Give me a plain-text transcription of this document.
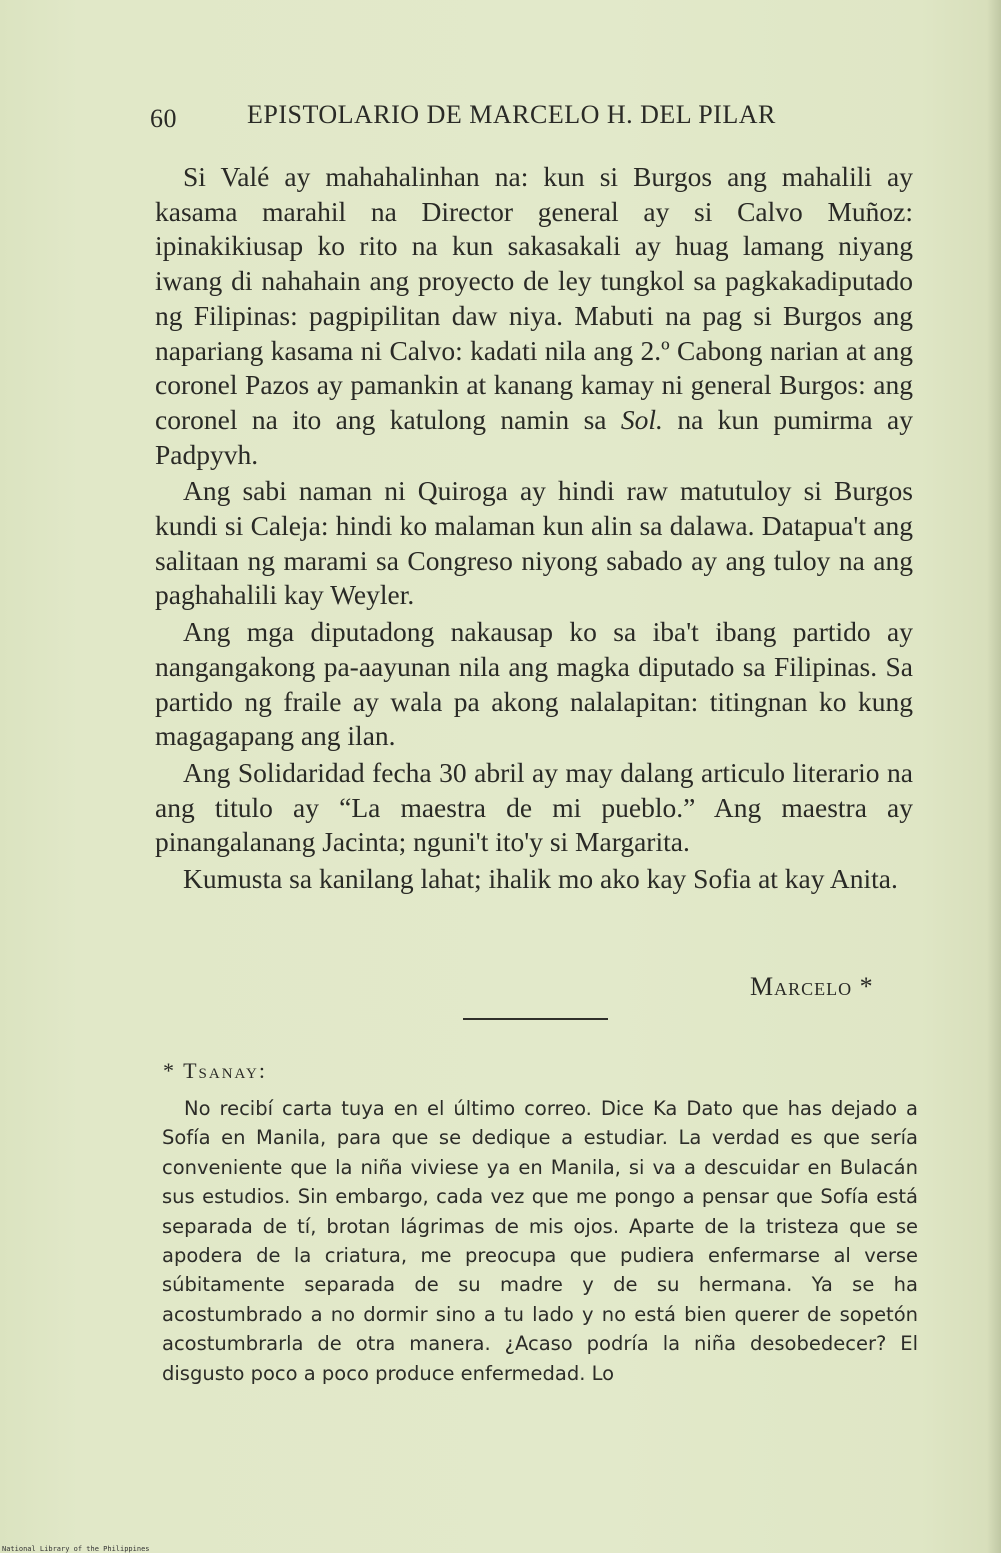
60	EPISTOLARIO DE MARCELO H. DEL PILAR

Si Valé ay mahahalinhan na: kun si Burgos ang mahalili ay kasama marahil na Director general ay si Calvo Muñoz: ipinakikiusap ko rito na kun sakasakali ay huag lamang niyang iwang di nahahain ang proyecto de ley tungkol sa pagkakadiputado ng Filipinas: pagpipilitan daw niya. Mabuti na pag si Burgos ang napariang kasama ni Calvo: kadati nila ang 2.º Cabong narian at ang coronel Pazos ay pamankin at kanang kamay ni general Burgos: ang coronel na ito ang katulong namin sa Sol. na kun pumirma ay Padpyvh.

Ang sabi naman ni Quiroga ay hindi raw matutuloy si Burgos kundi si Caleja: hindi ko malaman kun alin sa dalawa. Datapua't ang salitaan ng marami sa Congreso niyong sabado ay ang tuloy na ang paghahalili kay Weyler.

Ang mga diputadong nakausap ko sa iba't ibang partido ay nangangakong pa-aayunan nila ang magka diputado sa Filipinas. Sa partido ng fraile ay wala pa akong nalalapitan: titingnan ko kung magagapang ang ilan.

Ang Solidaridad fecha 30 abril ay may dalang articulo literario na ang titulo ay “La maestra de mi pueblo.” Ang maestra ay pinangalanang Jacinta; nguni't ito'y si Margarita.

Kumusta sa kanilang lahat; ihalik mo ako kay Sofia at kay Anita.

Marcelo *
* Tsanay:

No recibí carta tuya en el último correo. Dice Ka Dato que has dejado a Sofía en Manila, para que se dedique a estudiar. La verdad es que sería conveniente que la niña viviese ya en Manila, si va a descuidar en Bulacán sus estudios. Sin embargo, cada vez que me pongo a pensar que Sofía está separada de tí, brotan lágrimas de mis ojos. Aparte de la tristeza que se apodera de la criatura, me preocupa que pudiera enfermarse al verse súbitamente separada de su madre y de su hermana. Ya se ha acostumbrado a no dormir sino a tu lado y no está bien querer de sopetón acostumbrarla de otra manera. ¿Acaso podría la niña desobedecer? El disgusto poco a poco produce enfermedad. Lo

National Library of the Philippines
